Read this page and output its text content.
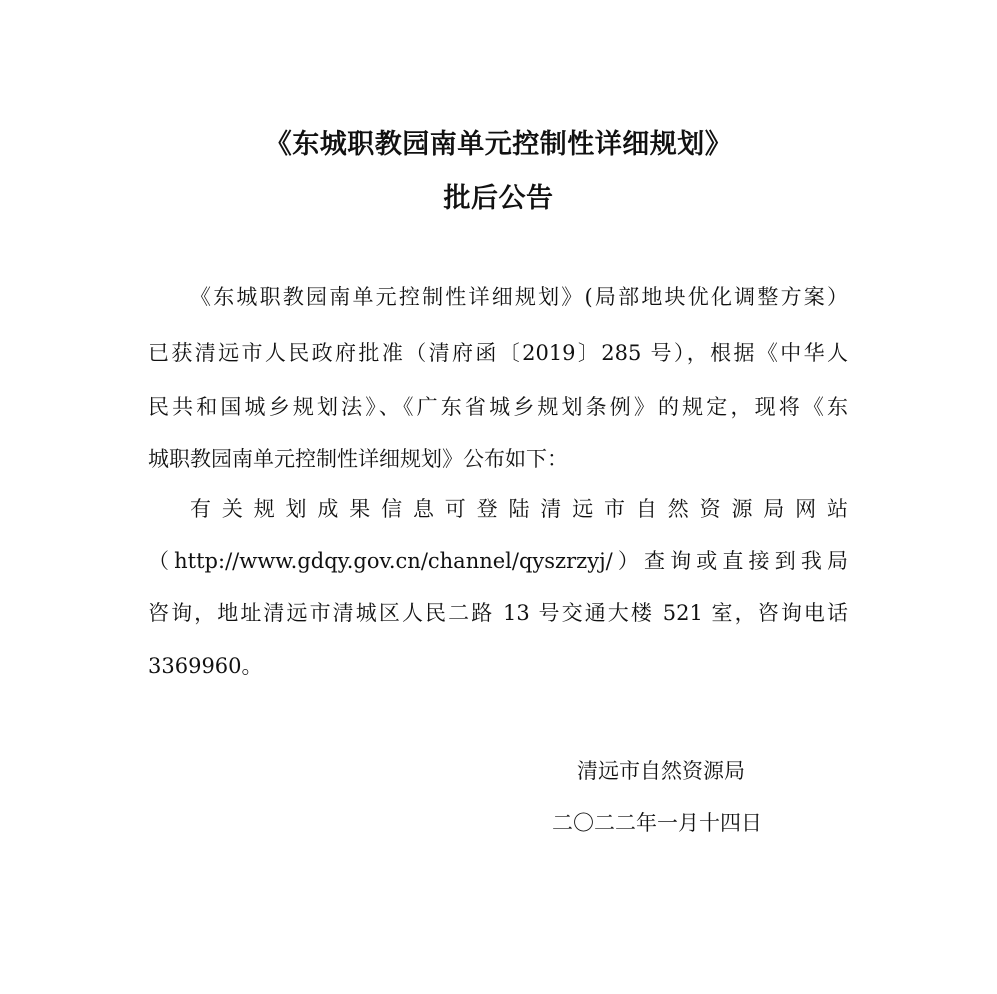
《东城职教园南单元控制性详细规划》
批后公告
《东城职教园南单元控制性详细规划》(局部地块优化调整方案）
已获清远市人民政府批准（清府函〔2019〕285 号），根据《中华人
民共和国城乡规划法》、《广东省城乡规划条例》的规定，现将《东
城职教园南单元控制性详细规划》公布如下：
有关规划成果信息可登陆清远市自然资源局网站
（http://www.gdqy.gov.cn/channel/qyszrzyj/）查询或直接到我局
咨询，地址清远市清城区人民二路 13 号交通大楼 521 室，咨询电话
3369960。
清远市自然资源局
二〇二二年一月十四日
